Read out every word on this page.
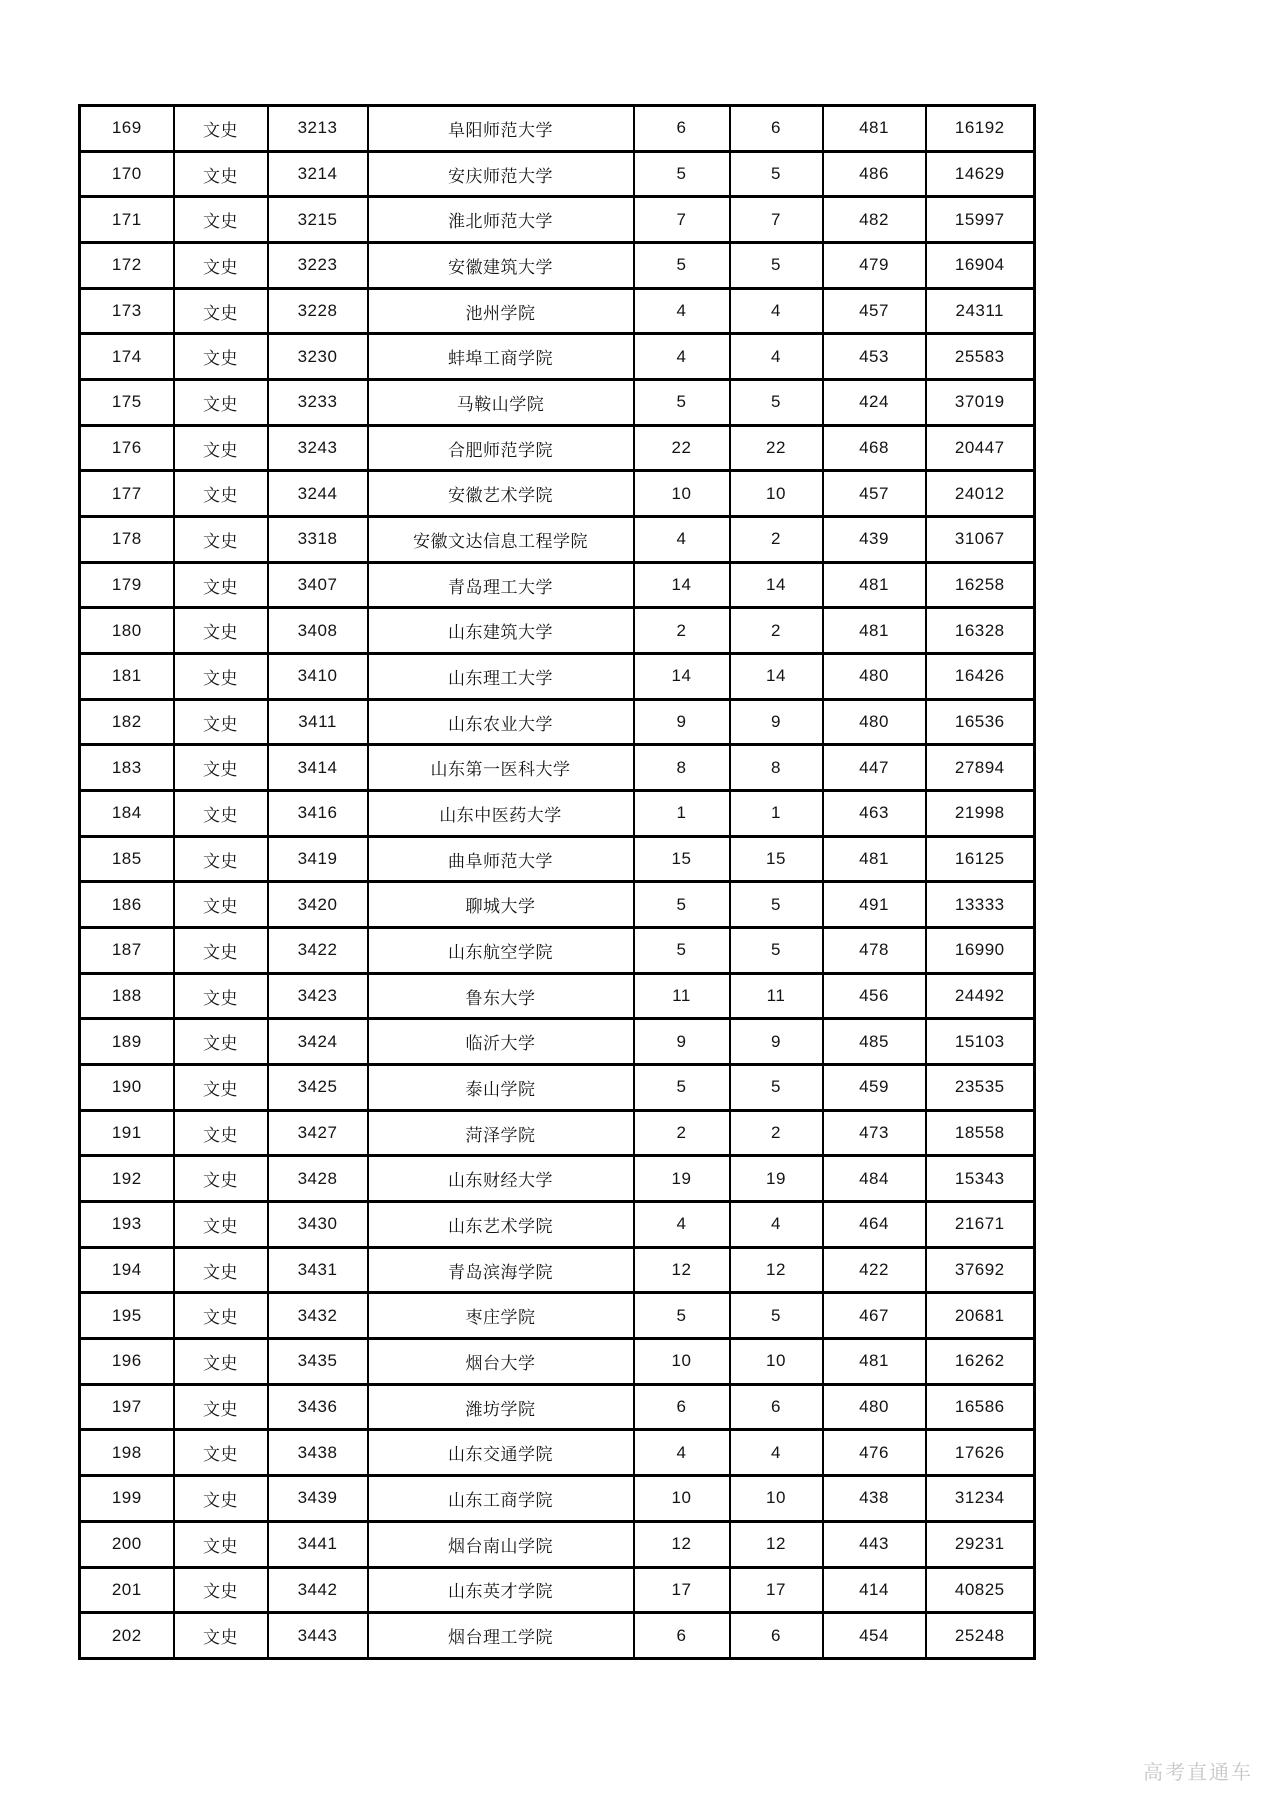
169	文史	3213	阜阳师范大学	6	6	481	16192
170	文史	3214	安庆师范大学	5	5	486	14629
171	文史	3215	淮北师范大学	7	7	482	15997
172	文史	3223	安徽建筑大学	5	5	479	16904
173	文史	3228	池州学院	4	4	457	24311
174	文史	3230	蚌埠工商学院	4	4	453	25583
175	文史	3233	马鞍山学院	5	5	424	37019
176	文史	3243	合肥师范学院	22	22	468	20447
177	文史	3244	安徽艺术学院	10	10	457	24012
178	文史	3318	安徽文达信息工程学院	4	2	439	31067
179	文史	3407	青岛理工大学	14	14	481	16258
180	文史	3408	山东建筑大学	2	2	481	16328
181	文史	3410	山东理工大学	14	14	480	16426
182	文史	3411	山东农业大学	9	9	480	16536
183	文史	3414	山东第一医科大学	8	8	447	27894
184	文史	3416	山东中医药大学	1	1	463	21998
185	文史	3419	曲阜师范大学	15	15	481	16125
186	文史	3420	聊城大学	5	5	491	13333
187	文史	3422	山东航空学院	5	5	478	16990
188	文史	3423	鲁东大学	11	11	456	24492
189	文史	3424	临沂大学	9	9	485	15103
190	文史	3425	泰山学院	5	5	459	23535
191	文史	3427	菏泽学院	2	2	473	18558
192	文史	3428	山东财经大学	19	19	484	15343
193	文史	3430	山东艺术学院	4	4	464	21671
194	文史	3431	青岛滨海学院	12	12	422	37692
195	文史	3432	枣庄学院	5	5	467	20681
196	文史	3435	烟台大学	10	10	481	16262
197	文史	3436	潍坊学院	6	6	480	16586
198	文史	3438	山东交通学院	4	4	476	17626
199	文史	3439	山东工商学院	10	10	438	31234
200	文史	3441	烟台南山学院	12	12	443	29231
201	文史	3442	山东英才学院	17	17	414	40825
202	文史	3443	烟台理工学院	6	6	454	25248
高考直通车
